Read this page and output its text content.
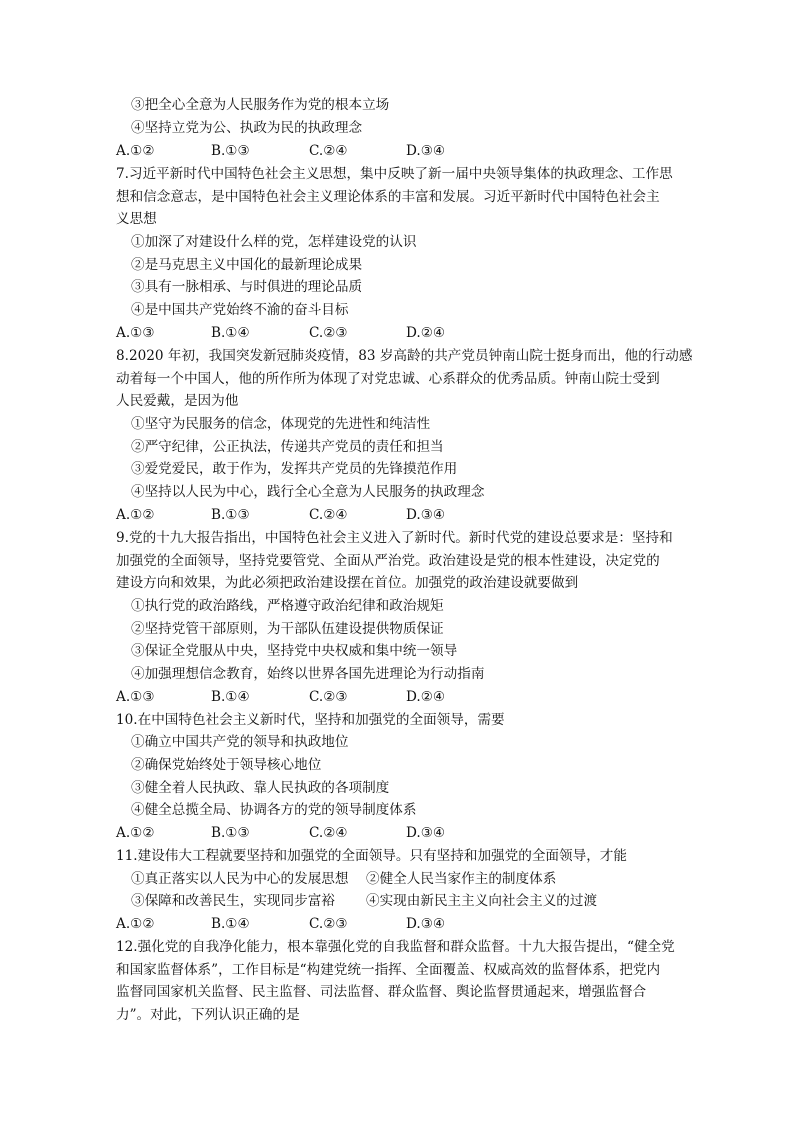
③把全心全意为人民服务作为党的根本立场
④坚持立党为公、执政为民的执政理念
A.①②	B.①③	C.②④	D.③④
7.习近平新时代中国特色社会主义思想，集中反映了新一届中央领导集体的执政理念、工作思
想和信念意志，是中国特色社会主义理论体系的丰富和发展。习近平新时代中国特色社会主
义思想
①加深了对建设什么样的党，怎样建设党的认识
②是马克思主义中国化的最新理论成果
③具有一脉相承、与时俱进的理论品质
④是中国共产党始终不渝的奋斗目标
A.①③	B.①④	C.②③	D.②④
8.2020 年初，我国突发新冠肺炎疫情，83 岁高龄的共产党员钟南山院士挺身而出，他的行动感
动着每一个中国人，他的所作所为体现了对党忠诚、心系群众的优秀品质。钟南山院士受到
人民爱戴，是因为他
①坚守为民服务的信念，体现党的先进性和纯洁性
②严守纪律，公正执法，传递共产党员的责任和担当
③爱党爱民，敢于作为，发挥共产党员的先锋摸范作用
④坚持以人民为中心，践行全心全意为人民服务的执政理念
A.①②	B.①③	C.②④	D.③④
9.党的十九大报告指出，中国特色社会主义进入了新时代。新时代党的建设总要求是：坚持和
加强党的全面领导，坚持党要管党、全面从严治党。政治建设是党的根本性建设，决定党的
建设方向和效果，为此必须把政治建设摆在首位。加强党的政治建设就要做到
①执行党的政治路线，严格遵守政治纪律和政治规矩
②坚持党管干部原则，为干部队伍建设提供物质保证
③保证全党服从中央，坚持党中央权威和集中统一领导
④加强理想信念教育，始终以世界各国先进理论为行动指南
A.①③	B.①④	C.②③	D.②④
10.在中国特色社会主义新时代，坚持和加强党的全面领导，需要
①确立中国共产党的领导和执政地位
②确保党始终处于领导核心地位
③健全着人民执政、靠人民执政的各项制度
④健全总揽全局、协调各方的党的领导制度体系
A.①②	B.①③	C.②④	D.③④
11.建设伟大工程就要坚持和加强党的全面领导。只有坚持和加强党的全面领导，才能
①真正落实以人民为中心的发展思想 ②健全人民当家作主的制度体系
③保障和改善民生，实现同步富裕 ④实现由新民主主义向社会主义的过渡
A.①②	B.①④	C.②③	D.③④
12.强化党的自我净化能力，根本靠强化党的自我监督和群众监督。十九大报告提出，“健全党
和国家监督体系”，工作目标是“构建党统一指挥、全面覆盖、权威高效的监督体系，把党内
监督同国家机关监督、民主监督、司法监督、群众监督、舆论监督贯通起来，增强监督合
力”。对此，下列认识正确的是
